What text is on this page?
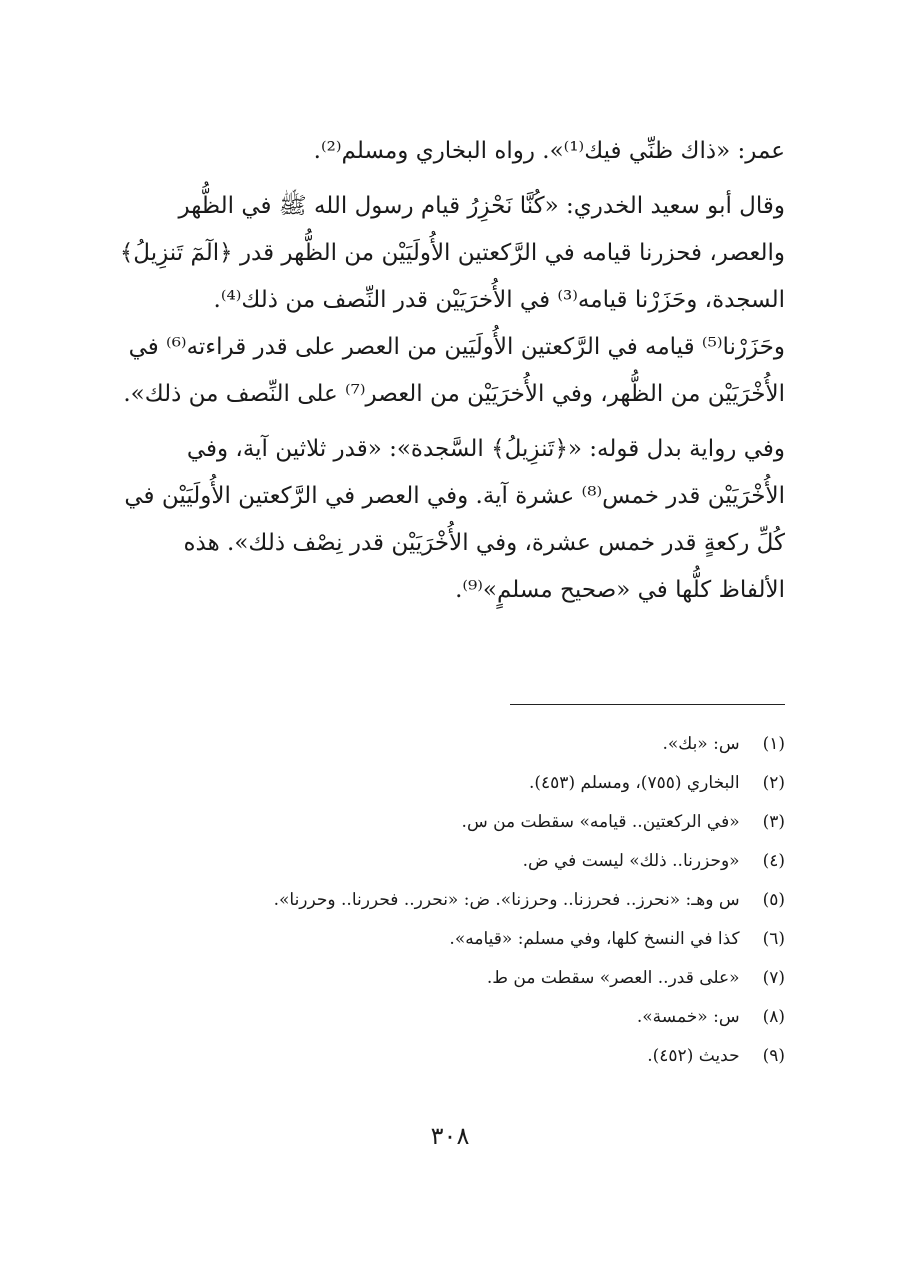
عمر: «ذاك ظنِّي فيك⁽¹⁾». رواه البخاري ومسلم⁽²⁾.

وقال أبو سعيد الخدري: «كُنَّا نَحْزِرُ قيام رسول الله ﷺ في الظُّهر
والعصر، فحزرنا قيامه في الرَّكعتين الأُولَيَيْن من الظُّهر قدر ﴿الٓمٓ تَنزِيلُ﴾
السجدة، وحَزَرْنا قيامه⁽³⁾ في الأُخرَيَيْن قدر النِّصف من ذلك⁽⁴⁾.
وحَزَرْنا⁽⁵⁾ قيامه في الرَّكعتين الأُولَيَين من العصر على قدر قراءته⁽⁶⁾ في
الأُخْرَيَيْن من الظُّهر، وفي الأُخرَيَيْن من العصر⁽⁷⁾ على النِّصف من ذلك».

وفي رواية بدل قوله: «﴿تَنزِيلُ﴾ السَّجدة»: «قدر ثلاثين آية، وفي
الأُخْرَيَيْن قدر خمس⁽⁸⁾ عشرة آية. وفي العصر في الرَّكعتين الأُولَيَيْن في
كُلِّ ركعةٍ قدر خمس عشرة، وفي الأُخْرَيَيْن قدر نِصْف ذلك». هذه
الألفاظ كلُّها في «صحيح مسلمٍ»⁽⁹⁾.

(١) س: «بك».
(٢) البخاري (٧٥٥)، ومسلم (٤٥٣).
(٣) «في الركعتين.. قيامه» سقطت من س.
(٤) «وحزرنا.. ذلك» ليست في ض.
(٥) س وهـ: «نحرز.. فحرزنا.. وحرزنا». ض: «نحرر.. فحررنا.. وحررنا».
(٦) كذا في النسخ كلها، وفي مسلم: «قيامه».
(٧) «على قدر.. العصر» سقطت من ط.
(٨) س: «خمسة».
(٩) حديث (٤٥٢).
٣٠٨
